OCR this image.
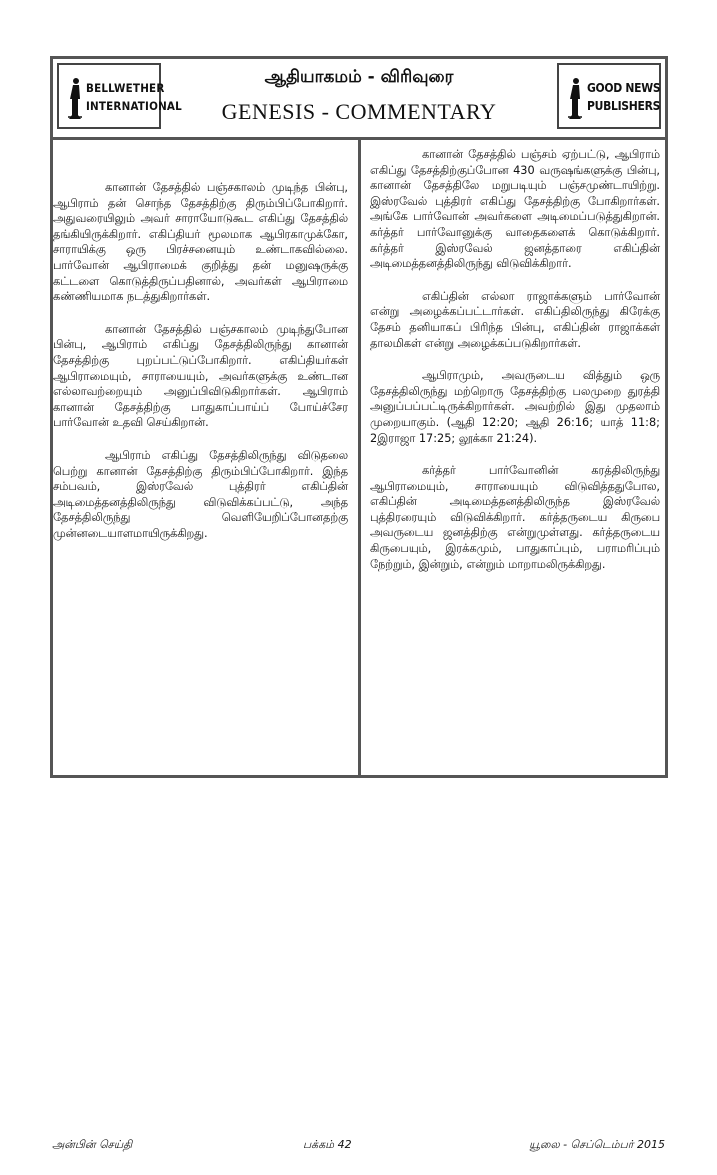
BELLWETHER
INTERNATIONAL
ஆதியாகமம் - விரிவுரை
GENESIS - COMMENTARY
GOOD NEWS
PUBLISHERS

கானான் தேசத்தில் பஞ்சகாலம் முடிந்த பின்பு, ஆபிராம் தன் சொந்த தேசத்திற்கு திரும்பிப்போகிறார். அதுவரையிலும் அவர் சாராயோடுகூட எகிப்து தேசத்தில் தங்கியிருக்கிறார். எகிப்தியர் மூலமாக ஆபிரகாமுக்கோ, சாராயிக்கு ஒரு பிரச்சனையும் உண்டாகவில்லை. பார்வோன் ஆபிராமைக் குறித்து தன் மனுஷருக்கு கட்டளை கொடுத்திருப்பதினால், அவர்கள் ஆபிராமை கண்ணியமாக நடத்துகிறார்கள்.

கானான் தேசத்தில் பஞ்சகாலம் முடிந்துபோன பின்பு, ஆபிராம் எகிப்து தேசத்திலிருந்து கானான் தேசத்திற்கு புறப்பட்டுப்போகிறார். எகிப்தியர்கள் ஆபிராமையும், சாராயையும், அவர்களுக்கு உண்டான எல்லாவற்றையும் அனுப்பிவிடுகிறார்கள். ஆபிராம் கானான் தேசத்திற்கு பாதுகாப்பாய்ப் போய்ச்சேர பார்வோன் உதவி செய்கிறான்.

ஆபிராம் எகிப்து தேசத்திலிருந்து விடுதலை பெற்று கானான் தேசத்திற்கு திரும்பிப்போகிறார். இந்த சம்பவம், இஸ்ரவேல் புத்திரர் எகிப்தின் அடிமைத்தனத்திலிருந்து விடுவிக்கப்பட்டு, அந்த தேசத்திலிருந்து வெளியேறிப்போனதற்கு முன்னடையாளமாயிருக்கிறது.

கானான் தேசத்தில் பஞ்சம் ஏற்பட்டு, ஆபிராம் எகிப்து தேசத்திற்குப்போன 430 வருஷங்களுக்கு பின்பு, கானான் தேசத்திலே மறுபடியும் பஞ்சமுண்டாயிற்று. இஸ்ரவேல் புத்திரர் எகிப்து தேசத்திற்கு போகிறார்கள். அங்கே பார்வோன் அவர்களை அடிமைப்படுத்துகிறான். கர்த்தர் பார்வோனுக்கு வாதைகளைக் கொடுக்கிறார். கர்த்தர் இஸ்ரவேல் ஜனத்தாரை எகிப்தின் அடிமைத்தனத்திலிருந்து விடுவிக்கிறார்.

எகிப்தின் எல்லா ராஜாக்களும் பார்வோன் என்று அழைக்கப்பட்டார்கள். எகிப்திலிருந்து கிரேக்கு தேசம் தனியாகப் பிரிந்த பின்பு, எகிப்தின் ராஜாக்கள் தாலமிகள் என்று அழைக்கப்படுகிறார்கள்.

ஆபிராமும், அவருடைய வித்தும் ஒரு தேசத்திலிருந்து மற்றொரு தேசத்திற்கு பலமுறை துரத்தி அனுப்பப்பட்டிருக்கிறார்கள். அவற்றில் இது முதலாம் முறையாகும். (ஆதி 12:20; ஆதி 26:16; யாத் 11:8; 2இராஜா 17:25; லூக்கா 21:24).

கர்த்தர் பார்வோனின் கரத்திலிருந்து ஆபிராமையும், சாராயையும் விடுவித்ததுபோல, எகிப்தின் அடிமைத்தனத்திலிருந்த இஸ்ரவேல் புத்திரரையும் விடுவிக்கிறார். கர்த்தருடைய கிருபை அவருடைய ஜனத்திற்கு என்றுமுள்ளது. கர்த்தருடைய கிருபையும், இரக்கமும், பாதுகாப்பும், பராமரிப்பும் நேற்றும், இன்றும், என்றும் மாறாமலிருக்கிறது.

அன்பின் செய்தி	பக்கம் 42	யூலை - செப்டெம்பர் 2015
